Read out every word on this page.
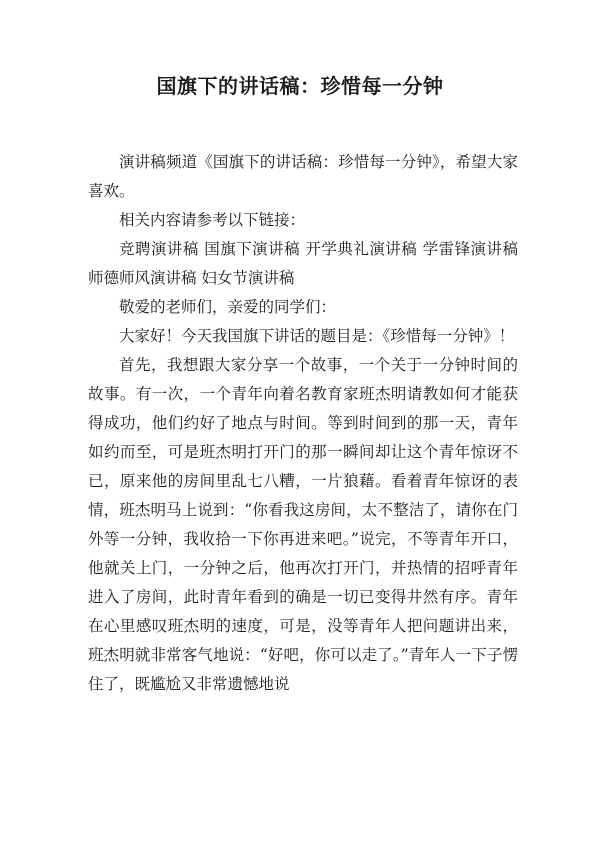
国旗下的讲话稿：珍惜每一分钟

演讲稿频道《国旗下的讲话稿：珍惜每一分钟》，希望大家喜欢。

相关内容请参考以下链接：

竞聘演讲稿 国旗下演讲稿 开学典礼演讲稿 学雷锋演讲稿 师德师风演讲稿 妇女节演讲稿

敬爱的老师们，亲爱的同学们：

大家好！今天我国旗下讲话的题目是：《珍惜每一分钟》！

首先，我想跟大家分享一个故事，一个关于一分钟时间的故事。有一次，一个青年向着名教育家班杰明请教如何才能获得成功，他们约好了地点与时间。等到时间到的那一天，青年如约而至，可是班杰明打开门的那一瞬间却让这个青年惊讶不已，原来他的房间里乱七八糟，一片狼藉。看着青年惊讶的表情，班杰明马上说到：“你看我这房间，太不整洁了，请你在门外等一分钟，我收拾一下你再进来吧。”说完，不等青年开口，他就关上门，一分钟之后，他再次打开门，并热情的招呼青年进入了房间，此时青年看到的确是一切已变得井然有序。青年在心里感叹班杰明的速度，可是，没等青年人把问题讲出来，班杰明就非常客气地说：“好吧，你可以走了。”青年人一下子愣住了，既尴尬又非常遗憾地说
